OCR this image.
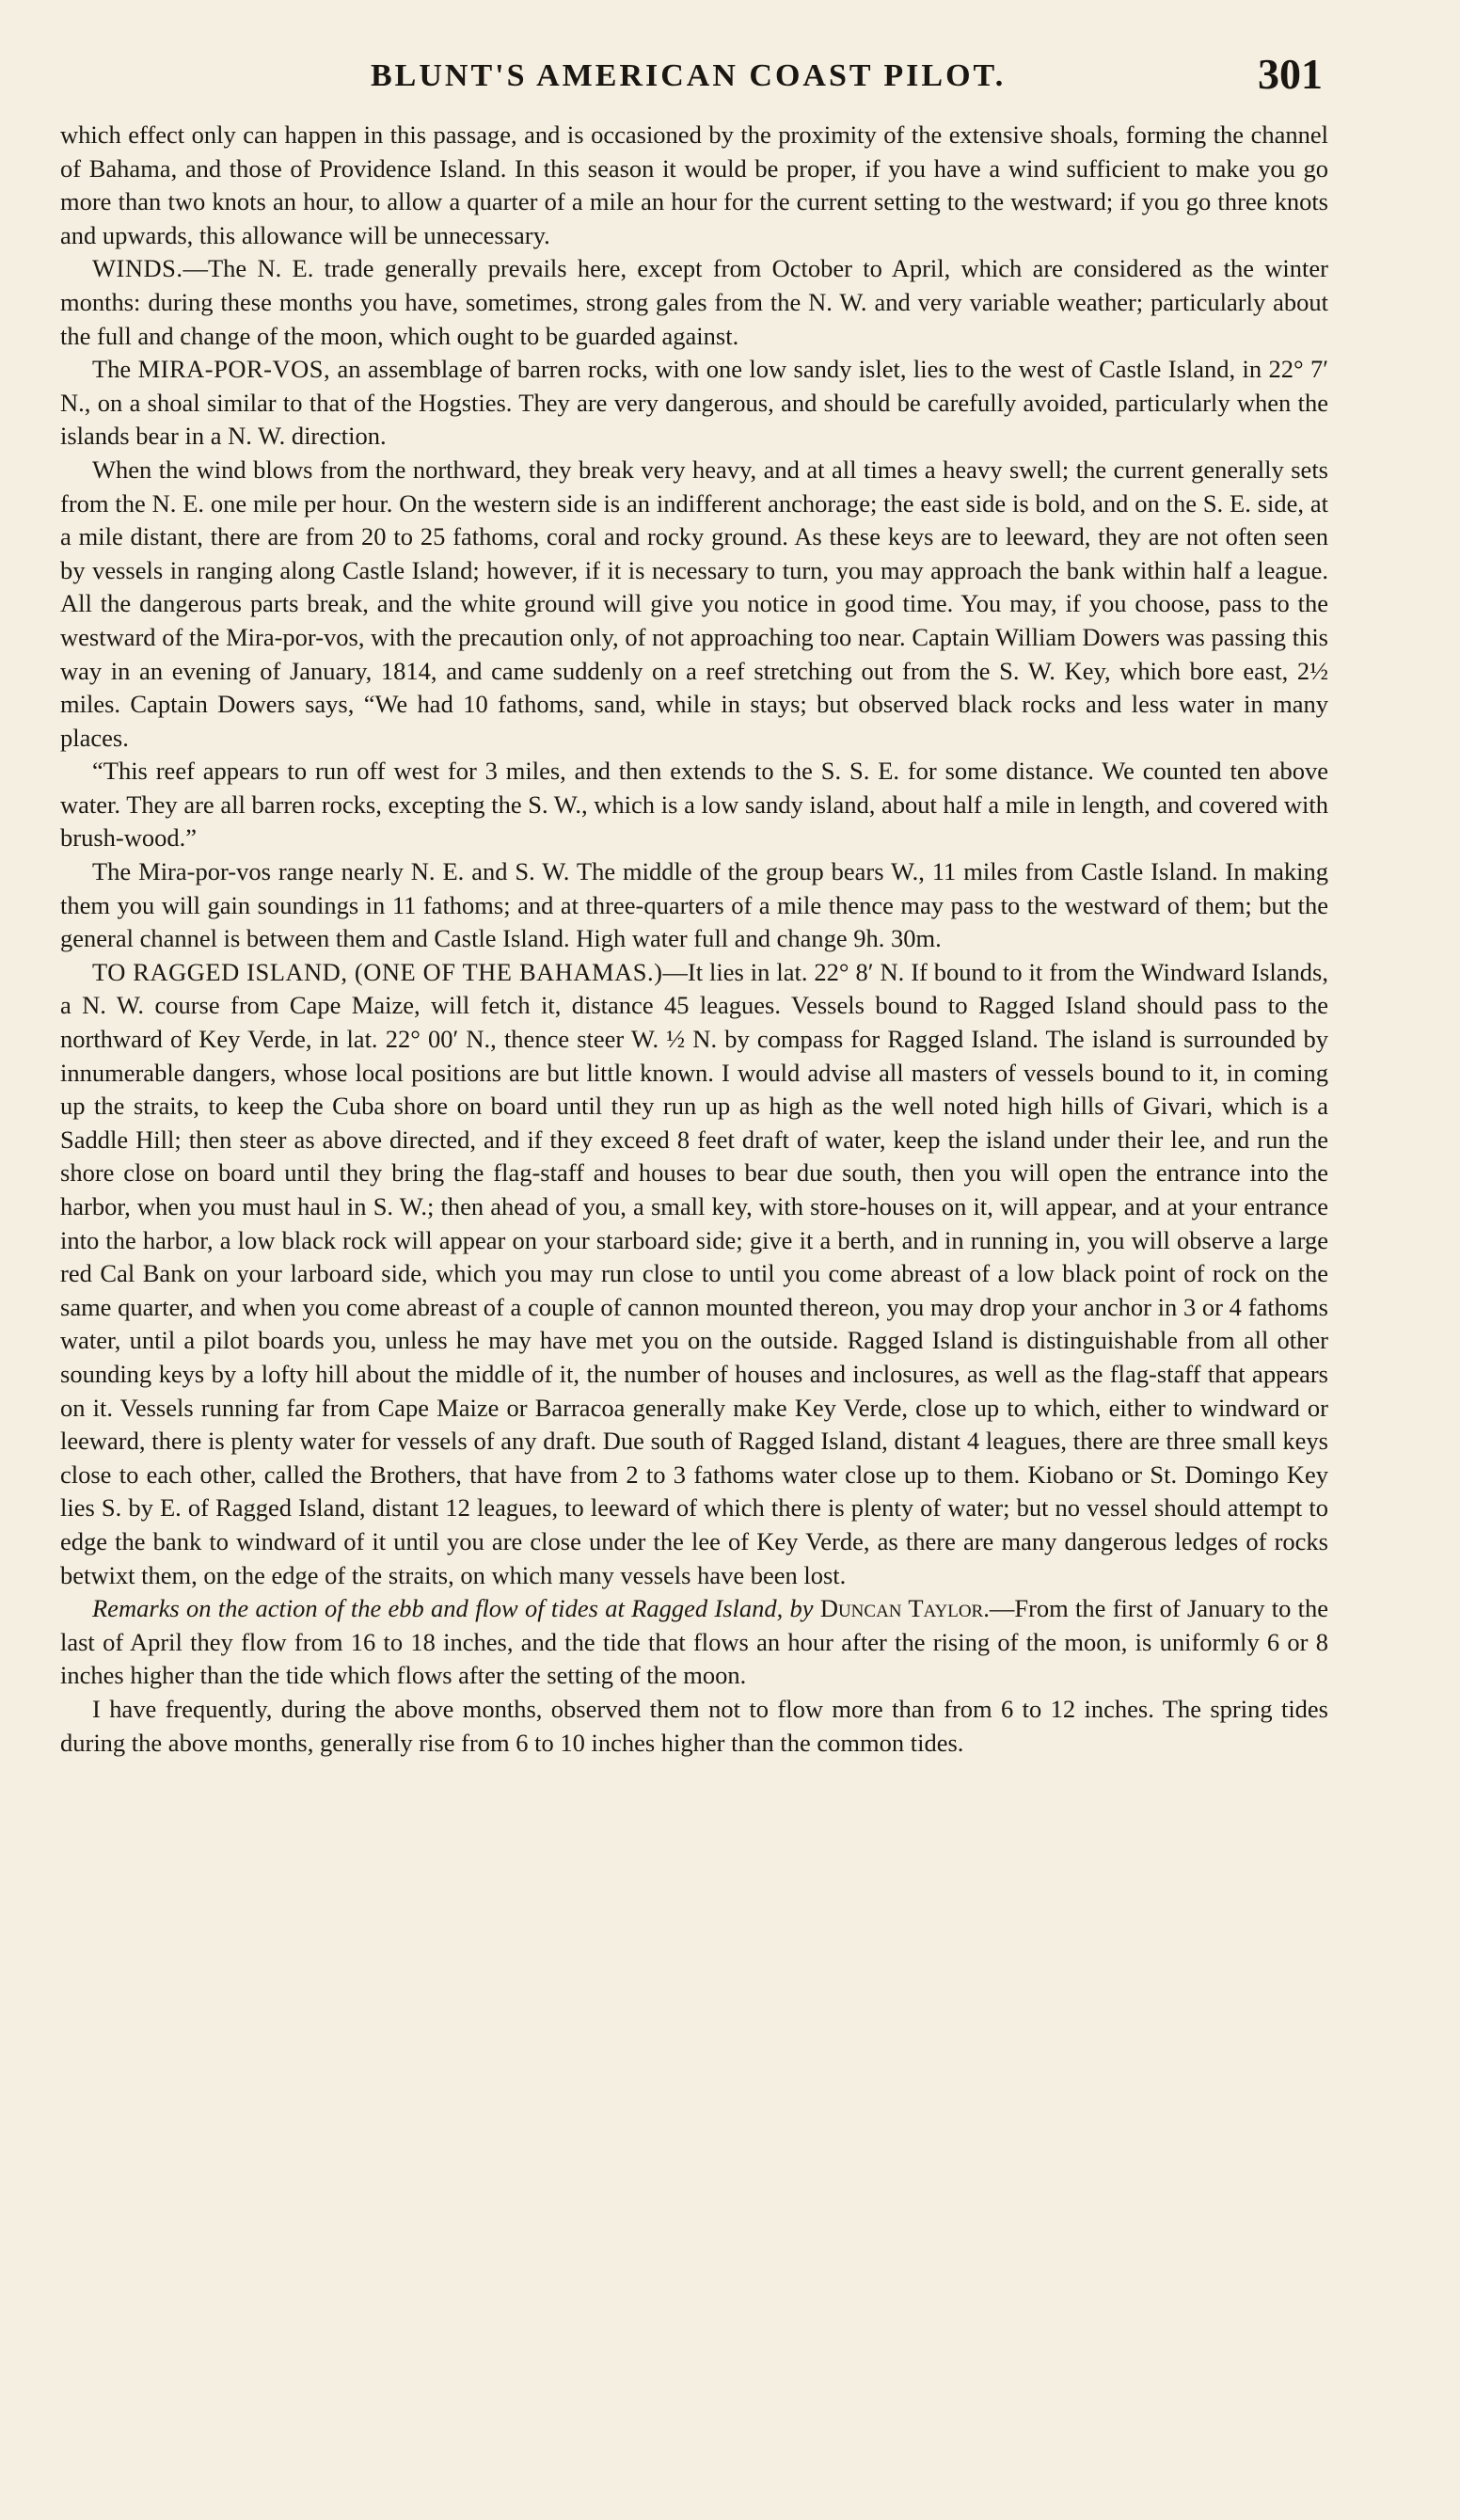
BLUNT'S AMERICAN COAST PILOT.	301

which effect only can happen in this passage, and is occasioned by the proximity of the extensive shoals, forming the channel of Bahama, and those of Providence Island. In this season it would be proper, if you have a wind sufficient to make you go more than two knots an hour, to allow a quarter of a mile an hour for the current setting to the westward; if you go three knots and upwards, this allowance will be unnecessary.

WINDS.—The N. E. trade generally prevails here, except from October to April, which are considered as the winter months: during these months you have, sometimes, strong gales from the N. W. and very variable weather; particularly about the full and change of the moon, which ought to be guarded against.

The MIRA-POR-VOS, an assemblage of barren rocks, with one low sandy islet, lies to the west of Castle Island, in 22° 7′ N., on a shoal similar to that of the Hogsties. They are very dangerous, and should be carefully avoided, particularly when the islands bear in a N. W. direction.

When the wind blows from the northward, they break very heavy, and at all times a heavy swell; the current generally sets from the N. E. one mile per hour. On the western side is an indifferent anchorage; the east side is bold, and on the S. E. side, at a mile distant, there are from 20 to 25 fathoms, coral and rocky ground. As these keys are to leeward, they are not often seen by vessels in ranging along Castle Island; however, if it is necessary to turn, you may approach the bank within half a league. All the dangerous parts break, and the white ground will give you notice in good time. You may, if you choose, pass to the westward of the Mira-por-vos, with the precaution only, of not approaching too near. Captain William Dowers was passing this way in an evening of January, 1814, and came suddenly on a reef stretching out from the S. W. Key, which bore east, 2½ miles. Captain Dowers says, “We had 10 fathoms, sand, while in stays; but observed black rocks and less water in many places.

“This reef appears to run off west for 3 miles, and then extends to the S. S. E. for some distance. We counted ten above water. They are all barren rocks, excepting the S. W., which is a low sandy island, about half a mile in length, and covered with brush-wood.”

The Mira-por-vos range nearly N. E. and S. W. The middle of the group bears W., 11 miles from Castle Island. In making them you will gain soundings in 11 fathoms; and at three-quarters of a mile thence may pass to the westward of them; but the general channel is between them and Castle Island. High water full and change 9h. 30m.

TO RAGGED ISLAND, (ONE OF THE BAHAMAS.)—It lies in lat. 22° 8′ N. If bound to it from the Windward Islands, a N. W. course from Cape Maize, will fetch it, distance 45 leagues. Vessels bound to Ragged Island should pass to the northward of Key Verde, in lat. 22° 00′ N., thence steer W. ½ N. by compass for Ragged Island. The island is surrounded by innumerable dangers, whose local positions are but little known. I would advise all masters of vessels bound to it, in coming up the straits, to keep the Cuba shore on board until they run up as high as the well noted high hills of Givari, which is a Saddle Hill; then steer as above directed, and if they exceed 8 feet draft of water, keep the island under their lee, and run the shore close on board until they bring the flag-staff and houses to bear due south, then you will open the entrance into the harbor, when you must haul in S. W.; then ahead of you, a small key, with store-houses on it, will appear, and at your entrance into the harbor, a low black rock will appear on your starboard side; give it a berth, and in running in, you will observe a large red Cal Bank on your larboard side, which you may run close to until you come abreast of a low black point of rock on the same quarter, and when you come abreast of a couple of cannon mounted thereon, you may drop your anchor in 3 or 4 fathoms water, until a pilot boards you, unless he may have met you on the outside. Ragged Island is distinguishable from all other sounding keys by a lofty hill about the middle of it, the number of houses and inclosures, as well as the flag-staff that appears on it. Vessels running far from Cape Maize or Barracoa generally make Key Verde, close up to which, either to windward or leeward, there is plenty water for vessels of any draft. Due south of Ragged Island, distant 4 leagues, there are three small keys close to each other, called the Brothers, that have from 2 to 3 fathoms water close up to them. Kiobano or St. Domingo Key lies S. by E. of Ragged Island, distant 12 leagues, to leeward of which there is plenty of water; but no vessel should attempt to edge the bank to windward of it until you are close under the lee of Key Verde, as there are many dangerous ledges of rocks betwixt them, on the edge of the straits, on which many vessels have been lost.

Remarks on the action of the ebb and flow of tides at Ragged Island, by Duncan Taylor.—From the first of January to the last of April they flow from 16 to 18 inches, and the tide that flows an hour after the rising of the moon, is uniformly 6 or 8 inches higher than the tide which flows after the setting of the moon.

I have frequently, during the above months, observed them not to flow more than from 6 to 12 inches. The spring tides during the above months, generally rise from 6 to 10 inches higher than the common tides.
